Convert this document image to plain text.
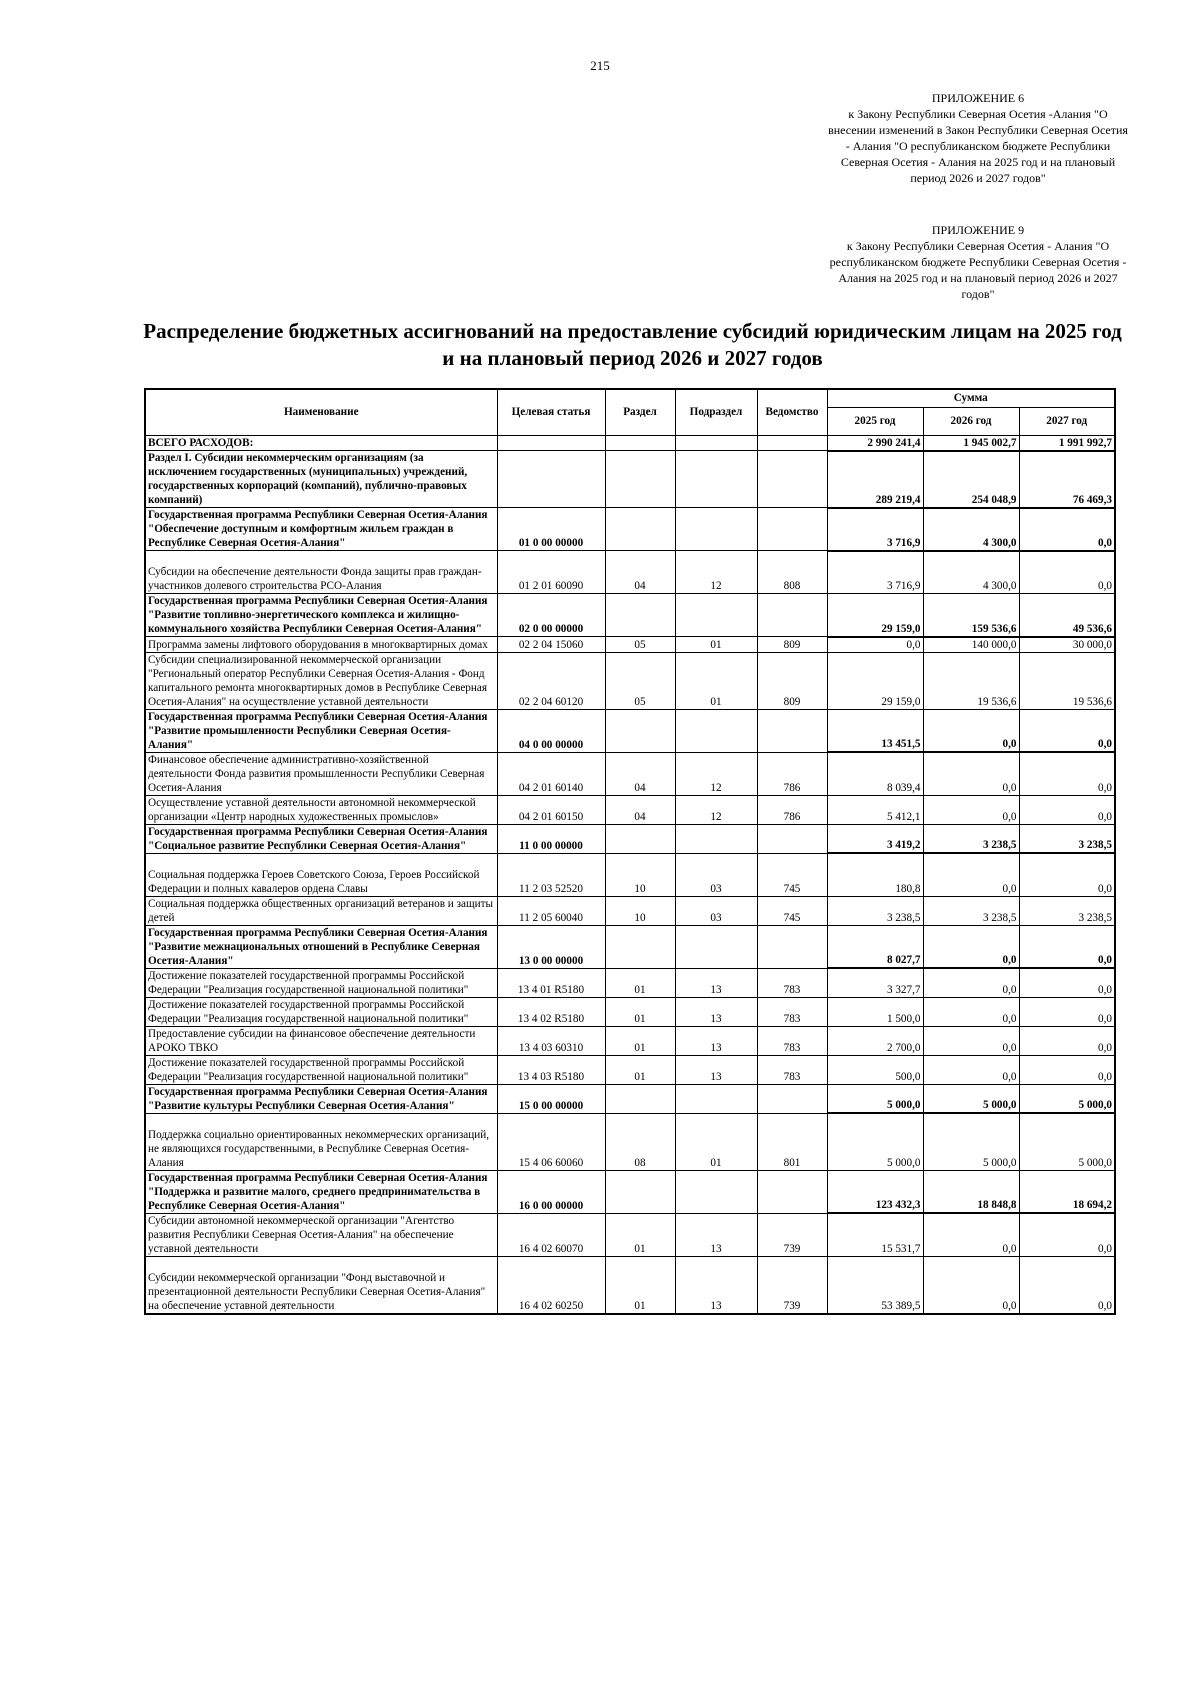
215
ПРИЛОЖЕНИЕ 6
к Закону Республики Северная Осетия -Алания "О внесении изменений в Закон Республики Северная Осетия - Алания "О республиканском бюджете Республики Северная Осетия - Алания на 2025 год и на плановый период 2026 и 2027 годов"
ПРИЛОЖЕНИЕ 9
к Закону Республики Северная Осетия - Алания "О республиканском бюджете Республики Северная Осетия - Алания на 2025 год и на плановый период 2026 и 2027 годов"
Распределение бюджетных ассигнований на предоставление субсидий юридическим лицам на 2025 год и на плановый период 2026 и 2027 годов
Наименование	Целевая статья	Раздел	Подраздел	Ведомство	Сумма		
					2025 год	2026 год	2027 год
ВСЕГО РАСХОДОВ:					2 990 241,4	1 945 002,7	1 991 992,7
Раздел I. Субсидии некоммерческим организациям (за исключением государственных (муниципальных) учреждений, государственных корпораций (компаний), публично-правовых компаний)					289 219,4	254 048,9	76 469,3
Государственная программа Республики Северная Осетия-Алания "Обеспечение доступным и комфортным жильем граждан в Республике Северная Осетия-Алания"	01 0 00 00000				3 716,9	4 300,0	0,0
Субсидии на обеспечение деятельности Фонда защиты прав граждан-участников долевого строительства РСО-Алания	01 2 01 60090	04	12	808	3 716,9	4 300,0	0,0
Государственная программа Республики Северная Осетия-Алания "Развитие топливно-энергетического комплекса и жилищно-коммунального хозяйства Республики Северная Осетия-Алания"	02 0 00 00000				29 159,0	159 536,6	49 536,6
Программа замены лифтового оборудования в многоквартирных домах	02 2 04 15060	05	01	809	0,0	140 000,0	30 000,0
Субсидии специализированной некоммерческой организации "Региональный оператор Республики Северная Осетия-Алания - Фонд капитального ремонта многоквартирных домов в Республике Северная Осетия-Алания" на осуществление уставной деятельности	02 2 04 60120	05	01	809	29 159,0	19 536,6	19 536,6
Государственная программа Республики Северная Осетия-Алания "Развитие промышленности Республики Северная Осетия-Алания"	04 0 00 00000				13 451,5	0,0	0,0
Финансовое обеспечение административно-хозяйственной деятельности Фонда развития промышленности Республики Северная Осетия-Алания	04 2 01 60140	04	12	786	8 039,4	0,0	0,0
Осуществление уставной деятельности автономной некоммерческой организации «Центр народных художественных промыслов»	04 2 01 60150	04	12	786	5 412,1	0,0	0,0
Государственная программа Республики Северная Осетия-Алания "Социальное развитие Республики Северная Осетия-Алания"	11 0 00 00000				3 419,2	3 238,5	3 238,5
Социальная поддержка Героев Советского Союза, Героев Российской Федерации и полных кавалеров ордена Славы	11 2 03 52520	10	03	745	180,8	0,0	0,0
Социальная поддержка общественных организаций ветеранов и защиты детей	11 2 05 60040	10	03	745	3 238,5	3 238,5	3 238,5
Государственная программа Республики Северная Осетия-Алания "Развитие межнациональных отношений в Республике Северная Осетия-Алания"	13 0 00 00000				8 027,7	0,0	0,0
Достижение показателей государственной программы Российской Федерации "Реализация государственной национальной политики"	13 4 01 R5180	01	13	783	3 327,7	0,0	0,0
Достижение показателей государственной программы Российской Федерации "Реализация государственной национальной политики"	13 4 02 R5180	01	13	783	1 500,0	0,0	0,0
Предоставление субсидии на финансовое обеспечение деятельности АРОКО ТВКО	13 4 03 60310	01	13	783	2 700,0	0,0	0,0
Достижение показателей государственной программы Российской Федерации "Реализация государственной национальной политики"	13 4 03 R5180	01	13	783	500,0	0,0	0,0
Государственная программа Республики Северная Осетия-Алания "Развитие культуры Республики Северная Осетия-Алания"	15 0 00 00000				5 000,0	5 000,0	5 000,0
Поддержка социально ориентированных некоммерческих организаций, не являющихся государственными, в Республике Северная Осетия-Алания	15 4 06 60060	08	01	801	5 000,0	5 000,0	5 000,0
Государственная программа Республики Северная Осетия-Алания "Поддержка и развитие малого, среднего предпринимательства в Республике Северная Осетия-Алания"	16 0 00 00000				123 432,3	18 848,8	18 694,2
Субсидии автономной некоммерческой организации "Агентство развития Республики Северная Осетия-Алания" на обеспечение уставной деятельности	16 4 02 60070	01	13	739	15 531,7	0,0	0,0
Субсидии некоммерческой организации "Фонд выставочной и презентационной деятельности Республики Северная Осетия-Алания" на обеспечение уставной деятельности	16 4 02 60250	01	13	739	53 389,5	0,0	0,0
